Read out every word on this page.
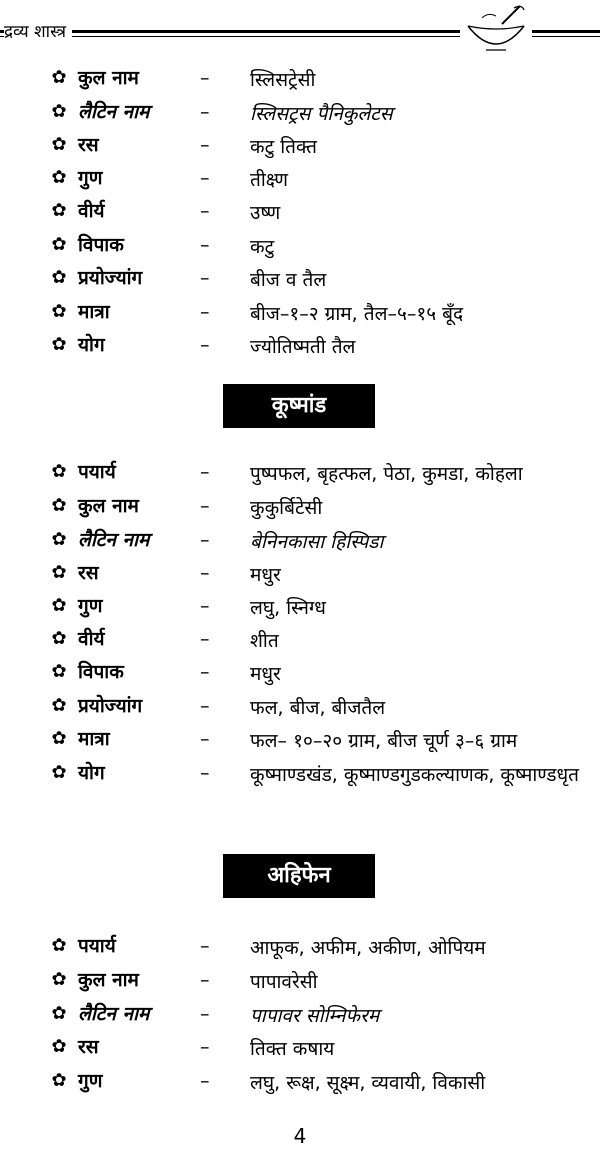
द्रव्य शास्त्र
✿ कुल नाम	– स्लिसट्रेसी
✿ लैटिन नाम	– स्लिसट्रस पैनिकुलेटस
✿ रस	– कटु तिक्त
✿ गुण	– तीक्ष्ण
✿ वीर्य	– उष्ण
✿ विपाक	– कटु
✿ प्रयोज्यांग	– बीज व तैल
✿ मात्रा	– बीज–१–२ ग्राम, तैल–५–१५ बूँद
✿ योग	– ज्योतिष्मती तैल
कूष्मांड
✿ पयार्य	– पुष्पफल, बृहत्फल, पेठा, कुमडा, कोहला
✿ कुल नाम	– कुकुर्बिटेसी
✿ लैटिन नाम	– बेनिनकासा हिस्पिडा
✿ रस	– मधुर
✿ गुण	– लघु, स्निग्ध
✿ वीर्य	– शीत
✿ विपाक	– मधुर
✿ प्रयोज्यांग	– फल, बीज, बीजतैल
✿ मात्रा	– फल– १०–२० ग्राम, बीज चूर्ण ३–६ ग्राम
✿ योग	– कूष्माण्डखंड, कूष्माण्डगुडकल्याणक, कूष्माण्डधृत
अहिफेन
✿ पयार्य	– आफूक, अफीम, अकीण, ओपियम
✿ कुल नाम	– पापावरेसी
✿ लैटिन नाम	– पापावर सोम्निफेरम
✿ रस	– तिक्त कषाय
✿ गुण	– लघु, रूक्ष, सूक्ष्म, व्यवायी, विकासी
4
